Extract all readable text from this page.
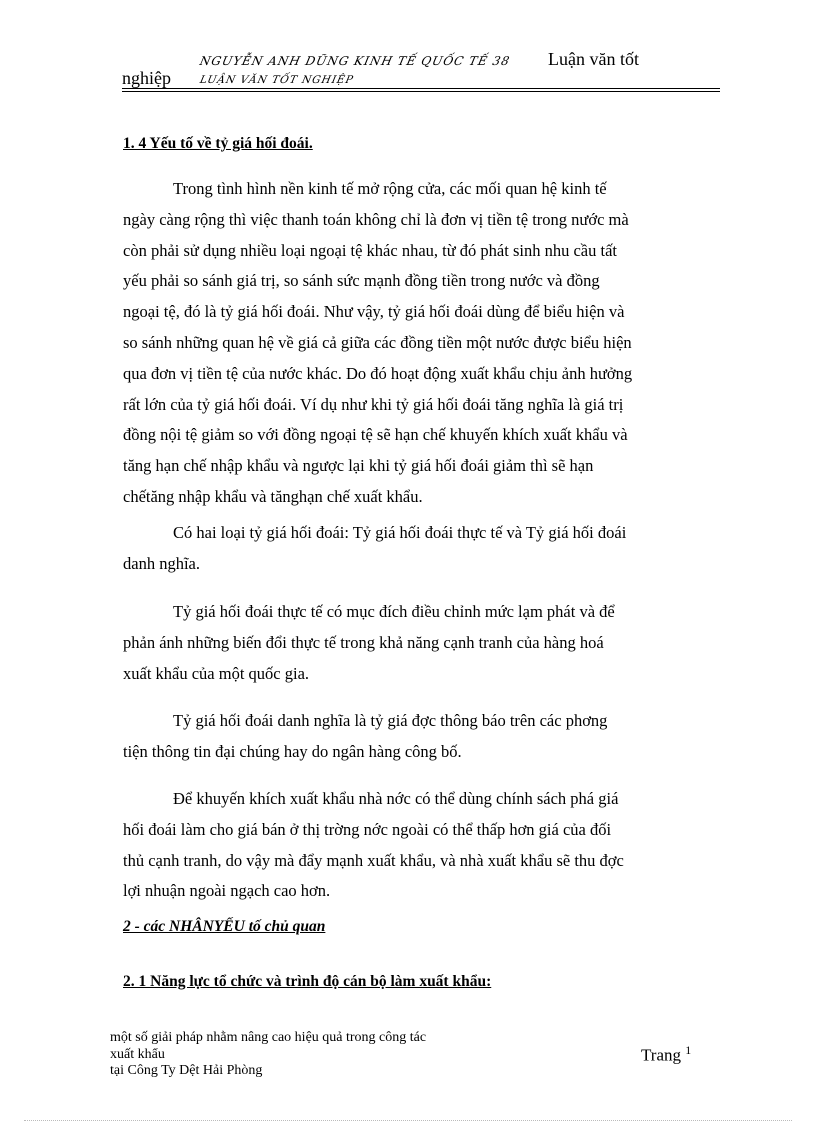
NGUYỄN ANH DŨNG KINH TẾ QUỐC TẾ 38
LUẬN VĂN TỐT NGHIỆP
Luận văn tốt
nghiệp
1. 4 Yếu tố về tỷ giá hối đoái.
Trong tình hình nền kinh tế mở rộng cửa, các mối quan hệ kinh tế
ngày càng rộng thì việc thanh toán không chỉ là đơn vị tiền tệ trong nước mà
còn phải sử dụng nhiều loại ngoại tệ khác nhau, từ đó phát sinh nhu cầu tất
yếu phải so sánh giá trị, so sánh sức mạnh đồng tiền trong nước và đồng
ngoại tệ, đó là tỷ giá hối đoái. Như vậy, tỷ giá hối đoái dùng để biểu hiện và
so sánh những quan hệ về giá cả giữa các đồng tiền một nước được biểu hiện
qua đơn vị tiền tệ của nước khác. Do đó hoạt động xuất khẩu chịu ảnh hưởng
rất lớn của tỷ giá hối đoái. Ví dụ như khi tỷ giá hối đoái tăng nghĩa là giá trị
đồng nội tệ giảm so với đồng ngoại tệ sẽ hạn chế khuyến khích xuất khẩu và
tăng hạn chế nhập khẩu và ngược lại khi tỷ giá hối đoái giảm thì sẽ hạn
chếtăng nhập khẩu và tănghạn chế xuất khẩu.
Có hai loại tỷ giá hối đoái: Tỷ giá hối đoái thực tế và Tỷ giá hối đoái
danh nghĩa.
Tỷ giá hối đoái thực tế có mục đích điều chỉnh mức lạm phát và để
phản ánh những biến đổi thực tế trong khả năng cạnh tranh của hàng hoá
xuất khẩu của một quốc gia.
Tỷ giá hối đoái danh nghĩa là tỷ giá đợc thông báo trên các phơng
tiện thông tin đại chúng hay do ngân hàng công bố.
Để khuyến khích xuất khẩu nhà nớc có thể dùng chính sách phá giá
hối đoái làm cho giá bán ở thị trờng nớc ngoài có thể thấp hơn giá của đối
thủ cạnh tranh, do vậy mà đẩy mạnh xuất khẩu, và nhà xuất khẩu sẽ thu đợc
lợi nhuận ngoài ngạch cao hơn.
2 - các NHÂNYẾU tố chủ quan
2. 1 Năng lực tổ chức và trình độ cán bộ làm xuất khẩu:
một số giải pháp nhằm nâng cao hiệu quả trong công tác
xuất khẩu
tại Công Ty Dệt Hải Phòng
Trang $^1$
